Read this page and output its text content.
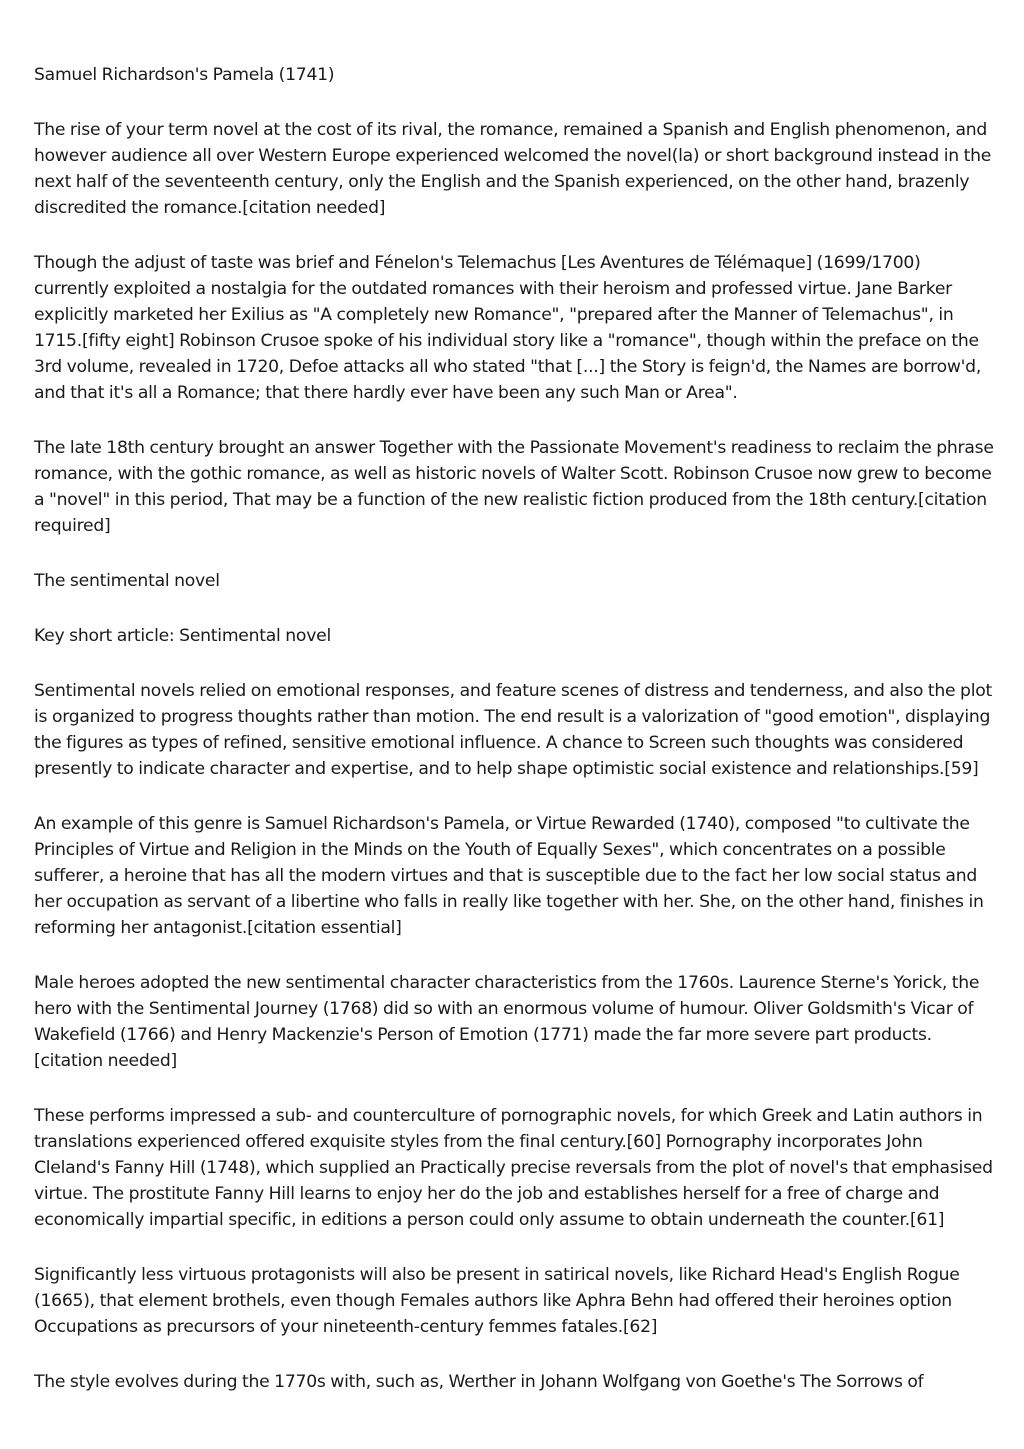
Samuel Richardson's Pamela (1741)

The rise of your term novel at the cost of its rival, the romance, remained a Spanish and English phenomenon, and however audience all over Western Europe experienced welcomed the novel(la) or short background instead in the next half of the seventeenth century, only the English and the Spanish experienced, on the other hand, brazenly discredited the romance.[citation needed]

Though the adjust of taste was brief and Fénelon's Telemachus [Les Aventures de Télémaque] (1699/1700) currently exploited a nostalgia for the outdated romances with their heroism and professed virtue. Jane Barker explicitly marketed her Exilius as "A completely new Romance", "prepared after the Manner of Telemachus", in 1715.[fifty eight] Robinson Crusoe spoke of his individual story like a "romance", though within the preface on the 3rd volume, revealed in 1720, Defoe attacks all who stated "that [...] the Story is feign'd, the Names are borrow'd, and that it's all a Romance; that there hardly ever have been any such Man or Area".

The late 18th century brought an answer Together with the Passionate Movement's readiness to reclaim the phrase romance, with the gothic romance, as well as historic novels of Walter Scott. Robinson Crusoe now grew to become a "novel" in this period, That may be a function of the new realistic fiction produced from the 18th century.[citation required]

The sentimental novel

Key short article: Sentimental novel

Sentimental novels relied on emotional responses, and feature scenes of distress and tenderness, and also the plot is organized to progress thoughts rather than motion. The end result is a valorization of "good emotion", displaying the figures as types of refined, sensitive emotional influence. A chance to Screen such thoughts was considered presently to indicate character and expertise, and to help shape optimistic social existence and relationships.[59]

An example of this genre is Samuel Richardson's Pamela, or Virtue Rewarded (1740), composed "to cultivate the Principles of Virtue and Religion in the Minds on the Youth of Equally Sexes", which concentrates on a possible sufferer, a heroine that has all the modern virtues and that is susceptible due to the fact her low social status and her occupation as servant of a libertine who falls in really like together with her. She, on the other hand, finishes in reforming her antagonist.[citation essential]

Male heroes adopted the new sentimental character characteristics from the 1760s. Laurence Sterne's Yorick, the hero with the Sentimental Journey (1768) did so with an enormous volume of humour. Oliver Goldsmith's Vicar of Wakefield (1766) and Henry Mackenzie's Person of Emotion (1771) made the far more severe part products.[citation needed]

These performs impressed a sub- and counterculture of pornographic novels, for which Greek and Latin authors in translations experienced offered exquisite styles from the final century.[60] Pornography incorporates John Cleland's Fanny Hill (1748), which supplied an Practically precise reversals from the plot of novel's that emphasised virtue. The prostitute Fanny Hill learns to enjoy her do the job and establishes herself for a free of charge and economically impartial specific, in editions a person could only assume to obtain underneath the counter.[61]

Significantly less virtuous protagonists will also be present in satirical novels, like Richard Head's English Rogue (1665), that element brothels, even though Females authors like Aphra Behn had offered their heroines option Occupations as precursors of your nineteenth-century femmes fatales.[62]

The style evolves during the 1770s with, such as, Werther in Johann Wolfgang von Goethe's The Sorrows of
